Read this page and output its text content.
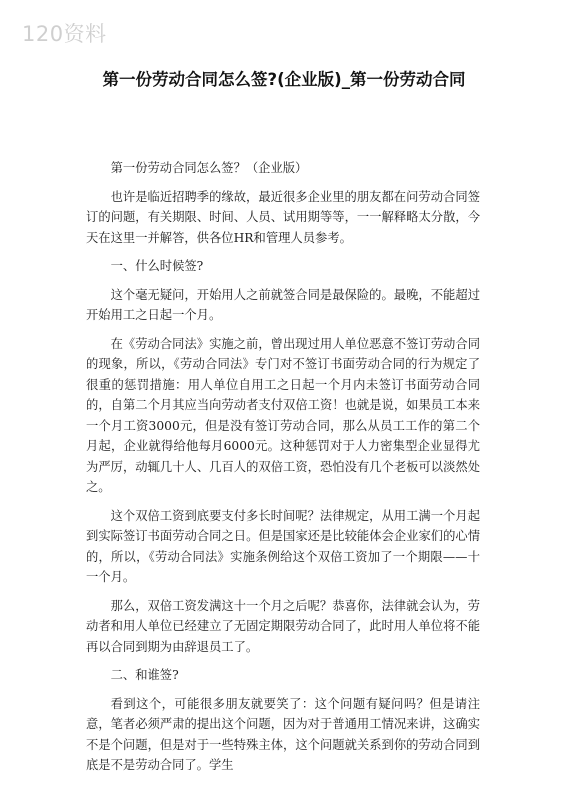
120资料
第一份劳动合同怎么签?(企业版)_第一份劳动合同

第一份劳动合同怎么签？（企业版）

也许是临近招聘季的缘故，最近很多企业里的朋友都在问劳动合同签订的问题，有关期限、时间、人员、试用期等等，一一解释略太分散，今天在这里一并解答，供各位HR和管理人员参考。

一、什么时候签?

这个毫无疑问，开始用人之前就签合同是最保险的。最晚，不能超过开始用工之日起一个月。

在《劳动合同法》实施之前，曾出现过用人单位恶意不签订劳动合同的现象，所以，《劳动合同法》专门对不签订书面劳动合同的行为规定了很重的惩罚措施：用人单位自用工之日起一个月内未签订书面劳动合同的，自第二个月其应当向劳动者支付双倍工资！也就是说，如果员工本来一个月工资3000元，但是没有签订劳动合同，那么从员工工作的第二个月起，企业就得给他每月6000元。这种惩罚对于人力密集型企业显得尤为严厉，动辄几十人、几百人的双倍工资，恐怕没有几个老板可以淡然处之。

这个双倍工资到底要支付多长时间呢？法律规定，从用工满一个月起到实际签订书面劳动合同之日。但是国家还是比较能体会企业家们的心情的，所以，《劳动合同法》实施条例给这个双倍工资加了一个期限——十一个月。

那么，双倍工资发满这十一个月之后呢？恭喜你，法律就会认为，劳动者和用人单位已经建立了无固定期限劳动合同了，此时用人单位将不能再以合同到期为由辞退员工了。

二、和谁签?

看到这个，可能很多朋友就要笑了：这个问题有疑问吗？但是请注意，笔者必须严肃的提出这个问题，因为对于普通用工情况来讲，这确实不是个问题，但是对于一些特殊主体，这个问题就关系到你的劳动合同到底是不是劳动合同了。学生
